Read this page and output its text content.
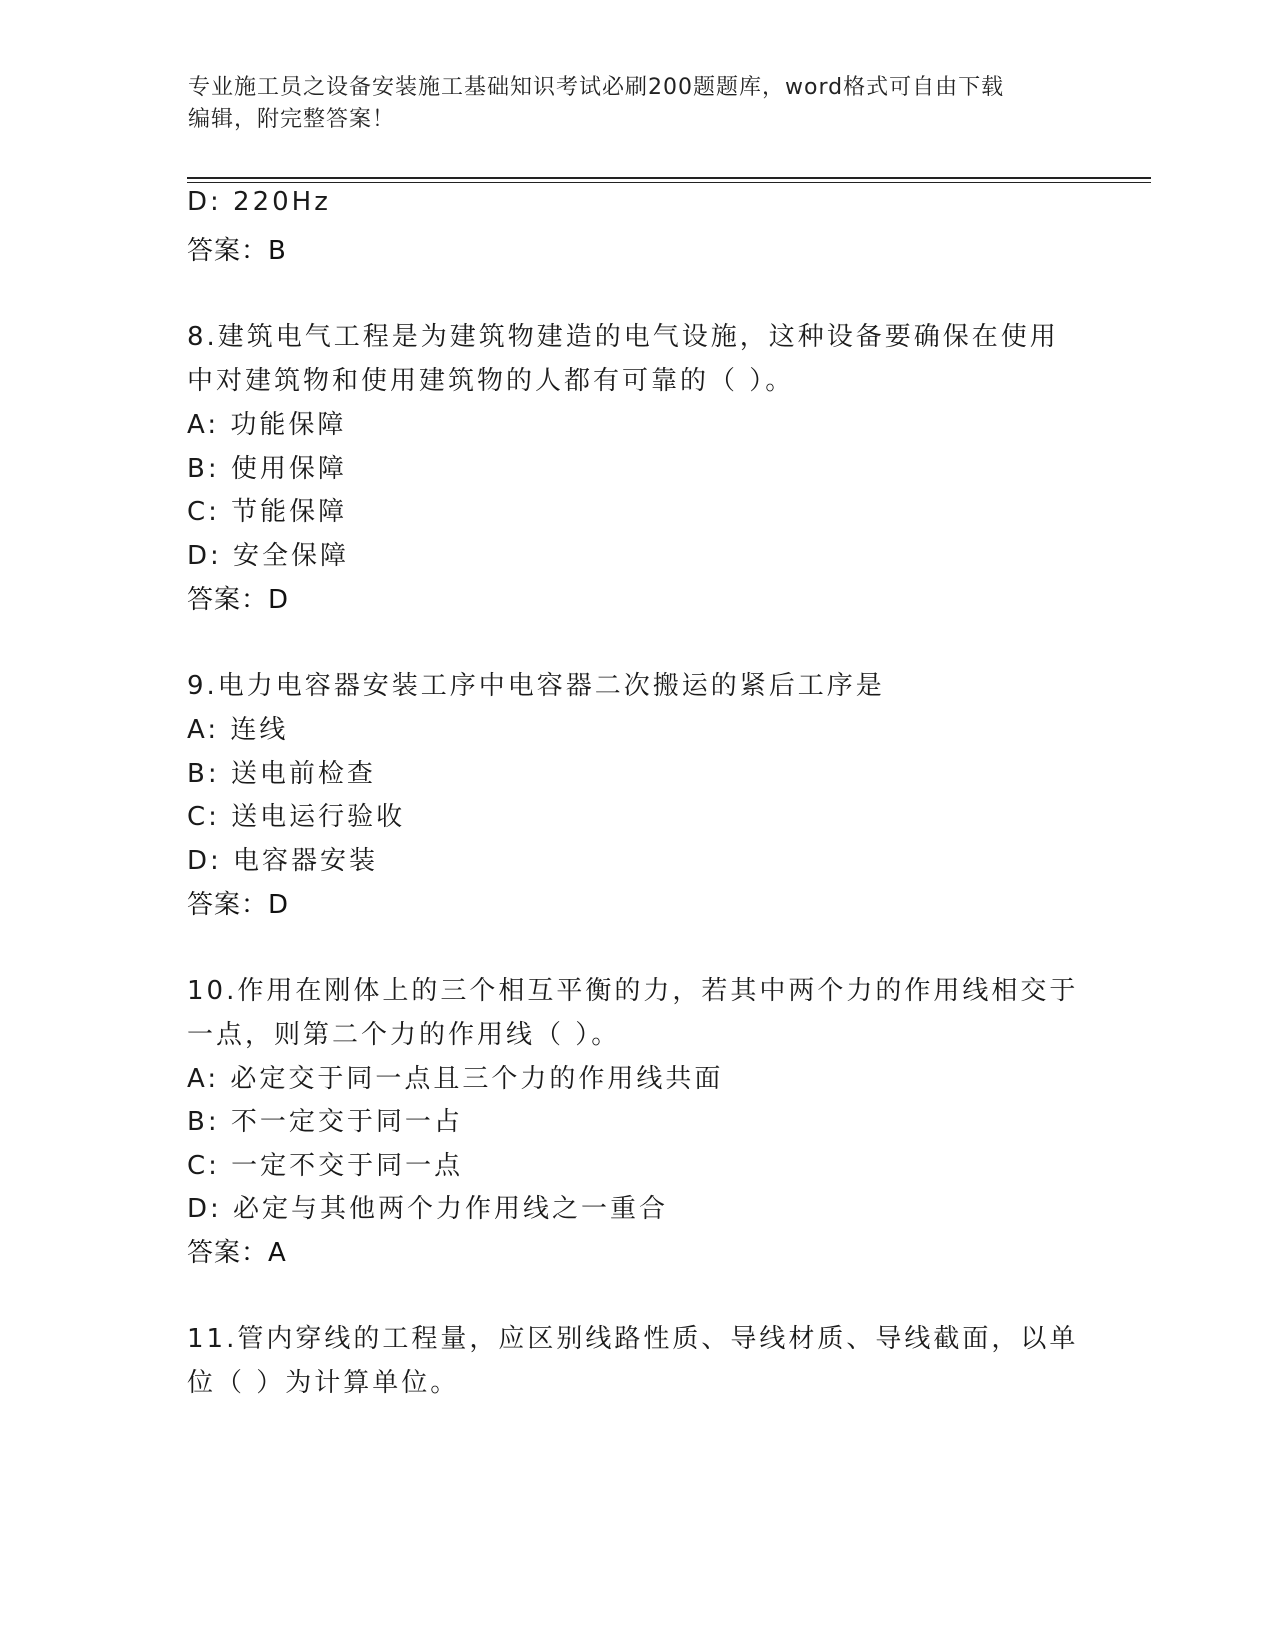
专业施工员之设备安装施工基础知识考试必刷200题题库，word格式可自由下载
编辑，附完整答案！
D: 220Hz
答案：B
8.建筑电气工程是为建筑物建造的电气设施，这种设备要确保在使用
中对建筑物和使用建筑物的人都有可靠的（ ）。
A: 功能保障
B: 使用保障
C: 节能保障
D: 安全保障
答案：D
9.电力电容器安装工序中电容器二次搬运的紧后工序是
A: 连线
B: 送电前检查
C: 送电运行验收
D: 电容器安装
答案：D
10.作用在刚体上的三个相互平衡的力，若其中两个力的作用线相交于
一点，则第二个力的作用线（ ）。
A: 必定交于同一点且三个力的作用线共面
B: 不一定交于同一占
C: 一定不交于同一点
D: 必定与其他两个力作用线之一重合
答案：A
11.管内穿线的工程量，应区别线路性质、导线材质、导线截面，以单
位（ ）为计算单位。
